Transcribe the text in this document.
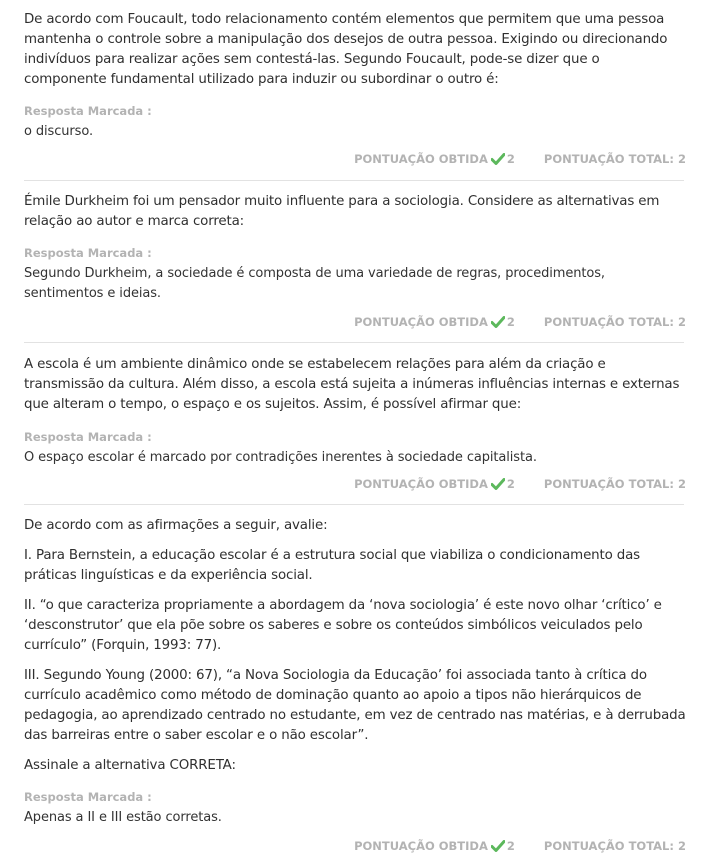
De acordo com Foucault, todo relacionamento contém elementos que permitem que uma pessoa mantenha o controle sobre a manipulação dos desejos de outra pessoa. Exigindo ou direcionando indivíduos para realizar ações sem contestá-las. Segundo Foucault, pode-se dizer que o componente fundamental utilizado para induzir ou subordinar o outro é:

Resposta Marcada :
o discurso.
PONTUAÇÃO OBTIDA 2	PONTUAÇÃO TOTAL: 2

Émile Durkheim foi um pensador muito influente para a sociologia. Considere as alternativas em relação ao autor e marca correta:

Resposta Marcada :
Segundo Durkheim, a sociedade é composta de uma variedade de regras, procedimentos, sentimentos e ideias.
PONTUAÇÃO OBTIDA 2	PONTUAÇÃO TOTAL: 2

A escola é um ambiente dinâmico onde se estabelecem relações para além da criação e transmissão da cultura. Além disso, a escola está sujeita a inúmeras influências internas e externas que alteram o tempo, o espaço e os sujeitos. Assim, é possível afirmar que:

Resposta Marcada :
O espaço escolar é marcado por contradições inerentes à sociedade capitalista.
PONTUAÇÃO OBTIDA 2	PONTUAÇÃO TOTAL: 2

De acordo com as afirmações a seguir, avalie:

I. Para Bernstein, a educação escolar é a estrutura social que viabiliza o condicionamento das práticas linguísticas e da experiência social.

II. “o que caracteriza propriamente a abordagem da ‘nova sociologia’ é este novo olhar ‘crítico’ e ‘desconstrutor’ que ela põe sobre os saberes e sobre os conteúdos simbólicos veiculados pelo currículo” (Forquin, 1993: 77).

III. Segundo Young (2000: 67), “a Nova Sociologia da Educação’ foi associada tanto à crítica do currículo acadêmico como método de dominação quanto ao apoio a tipos não hierárquicos de pedagogia, ao aprendizado centrado no estudante, em vez de centrado nas matérias, e à derrubada das barreiras entre o saber escolar e o não escolar”.

Assinale a alternativa CORRETA:

Resposta Marcada :
Apenas a II e III estão corretas.
PONTUAÇÃO OBTIDA 2	PONTUAÇÃO TOTAL: 2
